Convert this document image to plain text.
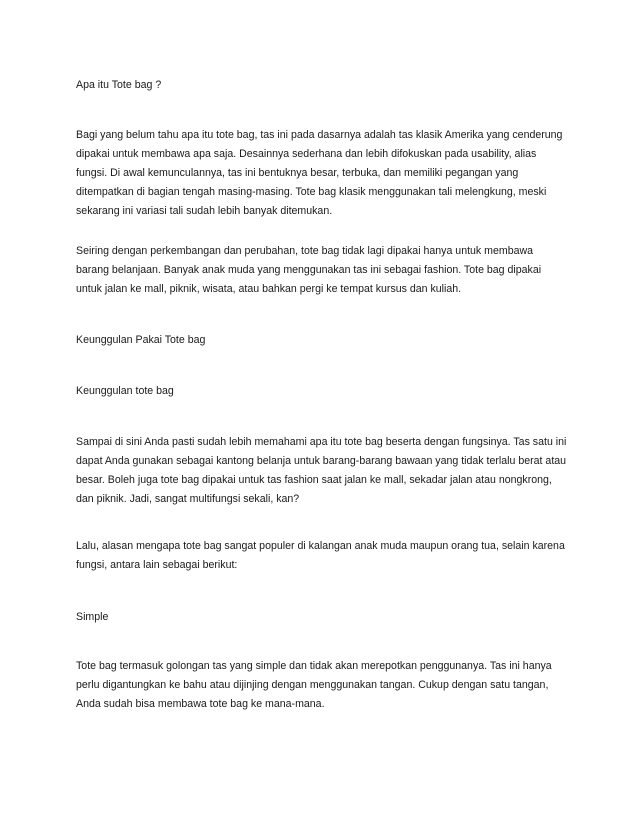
Apa itu Tote bag ?

Bagi yang belum tahu apa itu tote bag, tas ini pada dasarnya adalah tas klasik Amerika yang cenderung dipakai untuk membawa apa saja. Desainnya sederhana dan lebih difokuskan pada usability, alias fungsi. Di awal kemunculannya, tas ini bentuknya besar, terbuka, dan memiliki pegangan yang ditempatkan di bagian tengah masing-masing. Tote bag klasik menggunakan tali melengkung, meski sekarang ini variasi tali sudah lebih banyak ditemukan.

Seiring dengan perkembangan dan perubahan, tote bag tidak lagi dipakai hanya untuk membawa barang belanjaan. Banyak anak muda yang menggunakan tas ini sebagai fashion. Tote bag dipakai untuk jalan ke mall, piknik, wisata, atau bahkan pergi ke tempat kursus dan kuliah.

Keunggulan Pakai Tote bag

Keunggulan tote bag

Sampai di sini Anda pasti sudah lebih memahami apa itu tote bag beserta dengan fungsinya. Tas satu ini dapat Anda gunakan sebagai kantong belanja untuk barang-barang bawaan yang tidak terlalu berat atau besar. Boleh juga tote bag dipakai untuk tas fashion saat jalan ke mall, sekadar jalan atau nongkrong, dan piknik. Jadi, sangat multifungsi sekali, kan?

Lalu, alasan mengapa tote bag sangat populer di kalangan anak muda maupun orang tua, selain karena fungsi, antara lain sebagai berikut:

Simple

Tote bag termasuk golongan tas yang simple dan tidak akan merepotkan penggunanya. Tas ini hanya perlu digantungkan ke bahu atau dijinjing dengan menggunakan tangan. Cukup dengan satu tangan, Anda sudah bisa membawa tote bag ke mana-mana.
